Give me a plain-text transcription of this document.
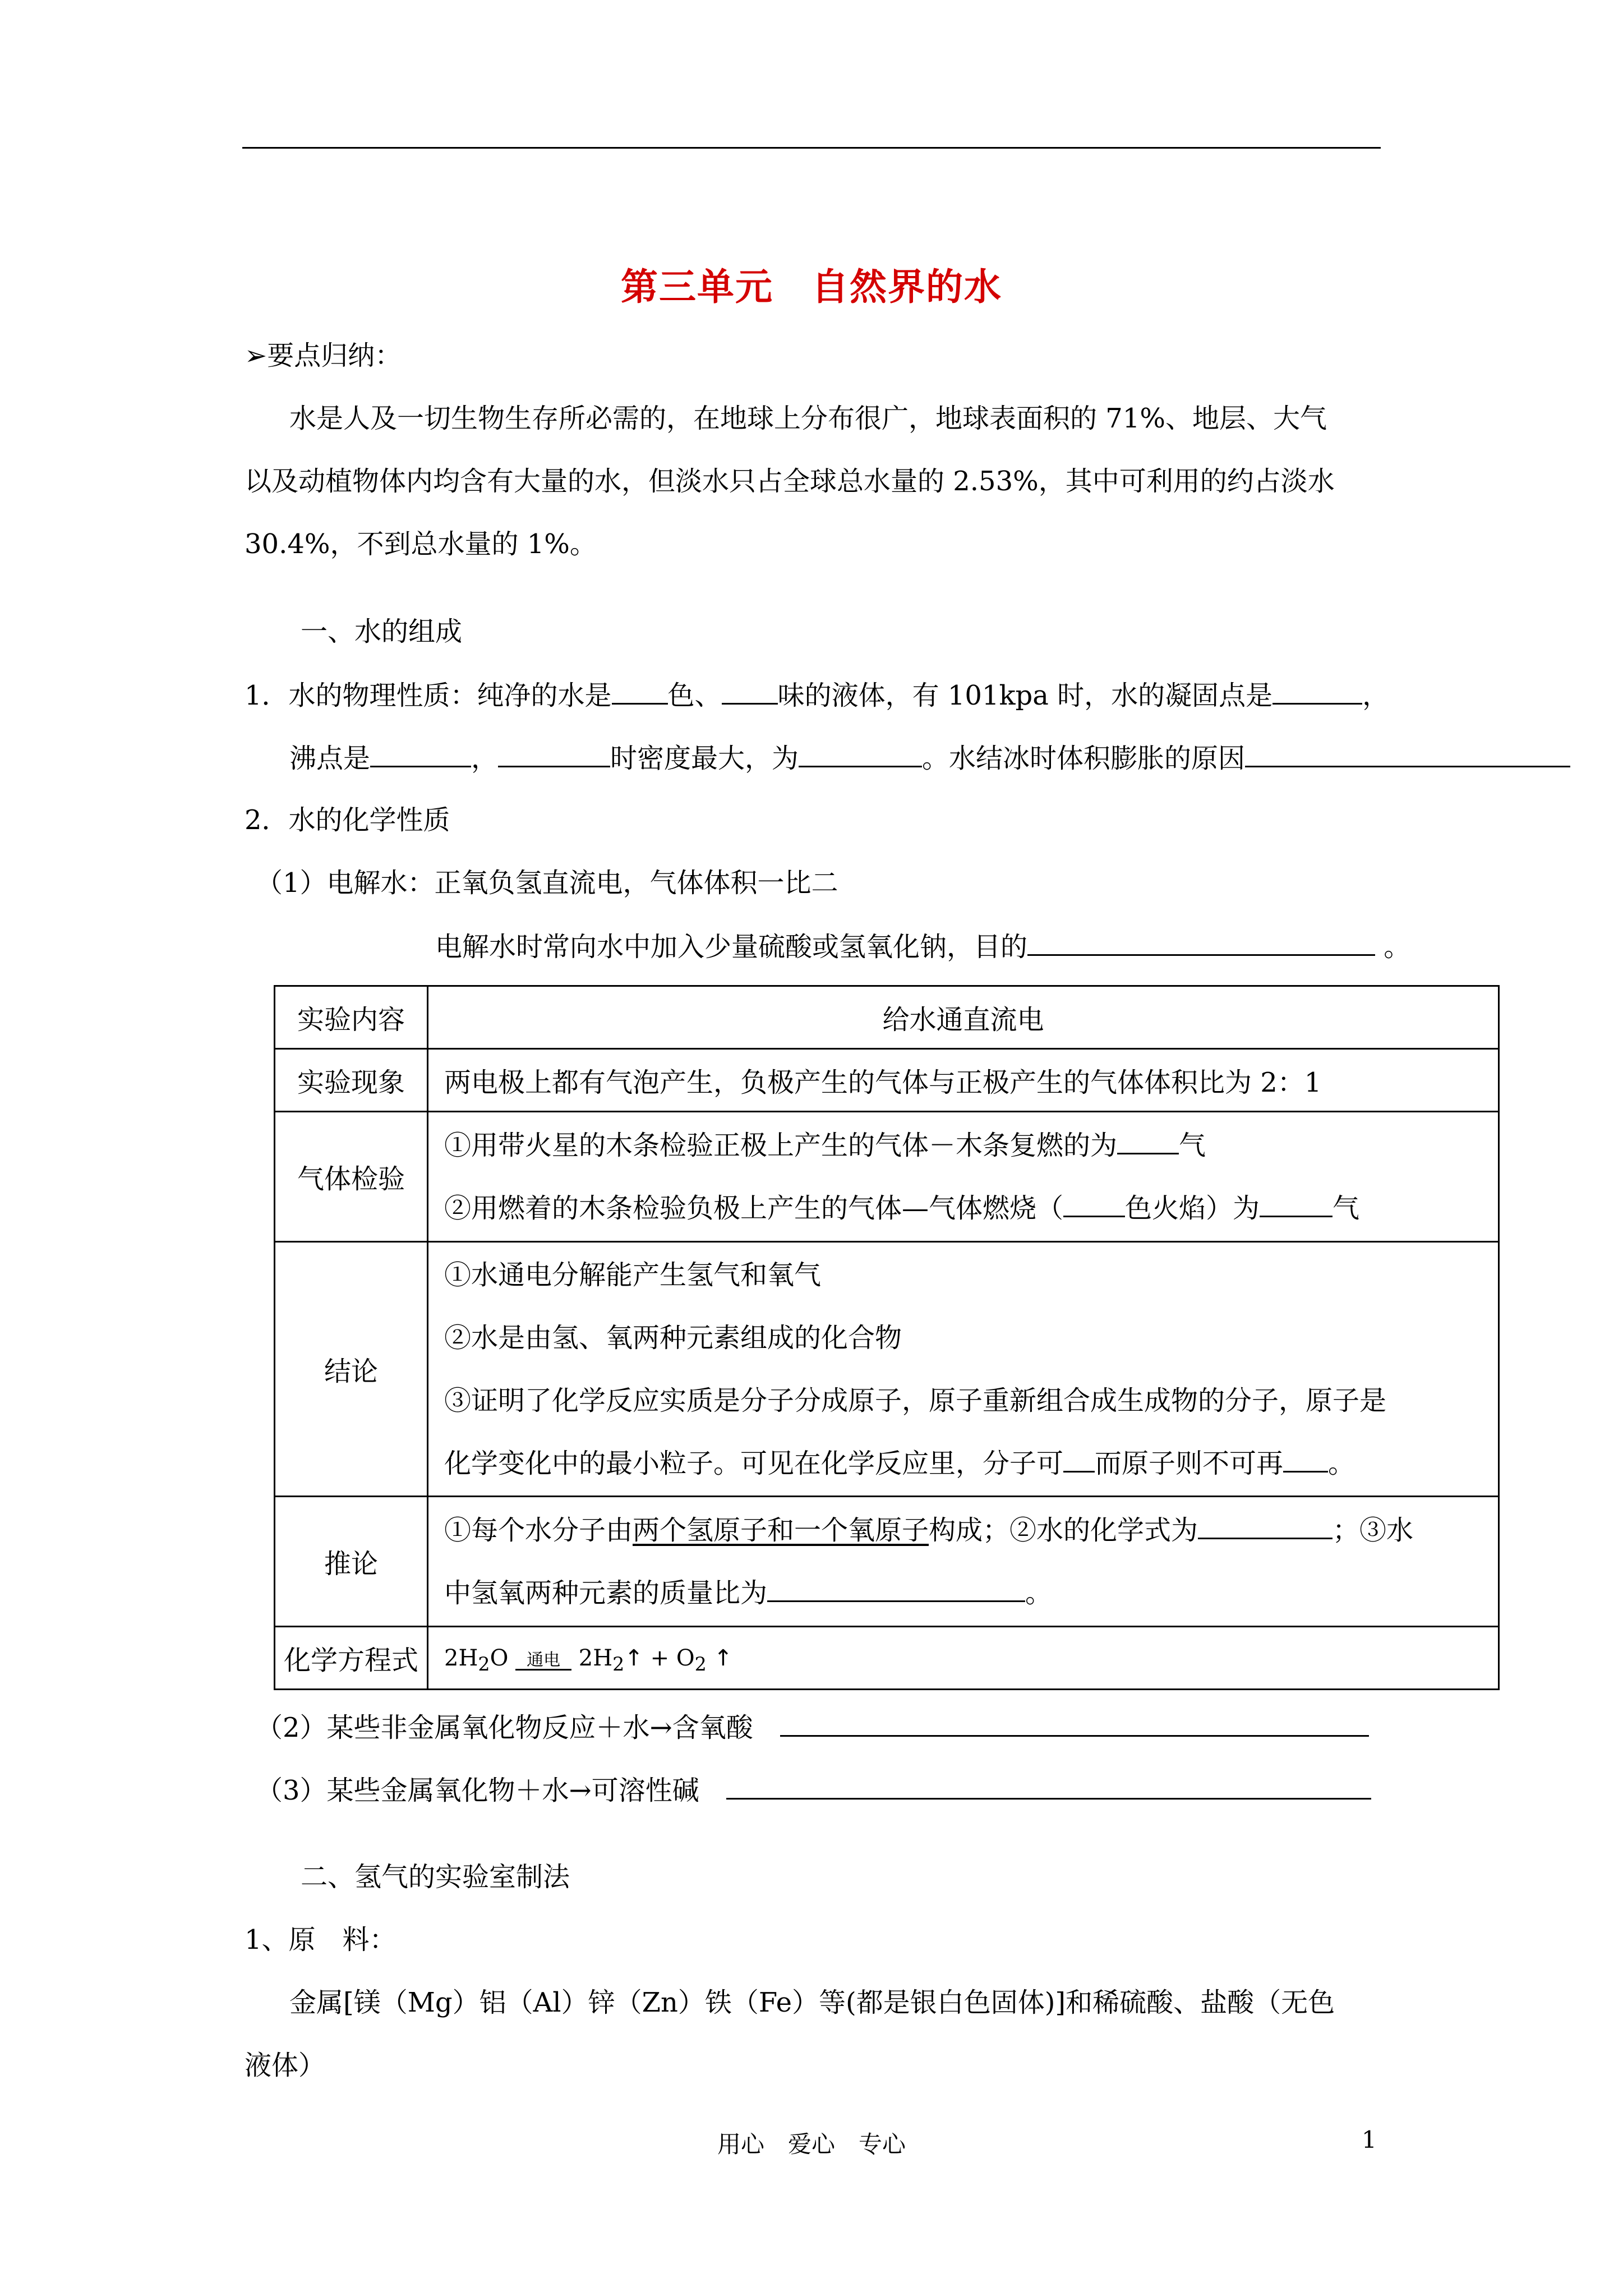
第三单元　自然界的水
➢要点归纳：
水是人及一切生物生存所必需的，在地球上分布很广，地球表面积的 71%、地层、大气
以及动植物体内均含有大量的水，但淡水只占全球总水量的 2.53%，其中可利用的约占淡水
30.4%，不到总水量的 1%。
一、水的组成
1．水的物理性质：纯净的水是 色、 味的液体，有 101kpa 时，水的凝固点是	，
沸点是	，	时密度最大，为	。水结冰时体积膨胀的原因
2．水的化学性质
（1）电解水：正氧负氢直流电，气体体积一比二
电解水时常向水中加入少量硫酸或氢氧化钠，目的	。
实验内容	给水通直流电
实验现象	两电极上都有气泡产生，负极产生的气体与正极产生的气体体积比为 2：1
气体检验	①用带火星的木条检验正极上产生的气体－木条复燃的为 气
②用燃着的木条检验负极上产生的气体—气体燃烧（ 色火焰）为 气

结论	①水通电分解能产生氢气和氧气
②水是由氢、氧两种元素组成的化合物
③证明了化学反应实质是分子分成原子，原子重新组合成生成物的分子，原子是
化学变化中的最小粒子。可见在化学反应里，分子可 而原子则不可再 。

推论	①每个水分子由两个氢原子和一个氧原子构成；②水的化学式为 ；③水
中氢氧两种元素的质量比为 。

化学方程式	$2H_2O$ 通电 $2H_2↑ + O_2$ ↑
（2）某些非金属氧化物反应＋水→含氧酸　
（3）某些金属氧化物＋水→可溶性碱　
二、氢气的实验室制法
1、原　料：
金属[镁（Mg）铝（Al）锌（Zn）铁（Fe）等(都是银白色固体)]和稀硫酸、盐酸（无色
液体）
用心　爱心　专心	1
